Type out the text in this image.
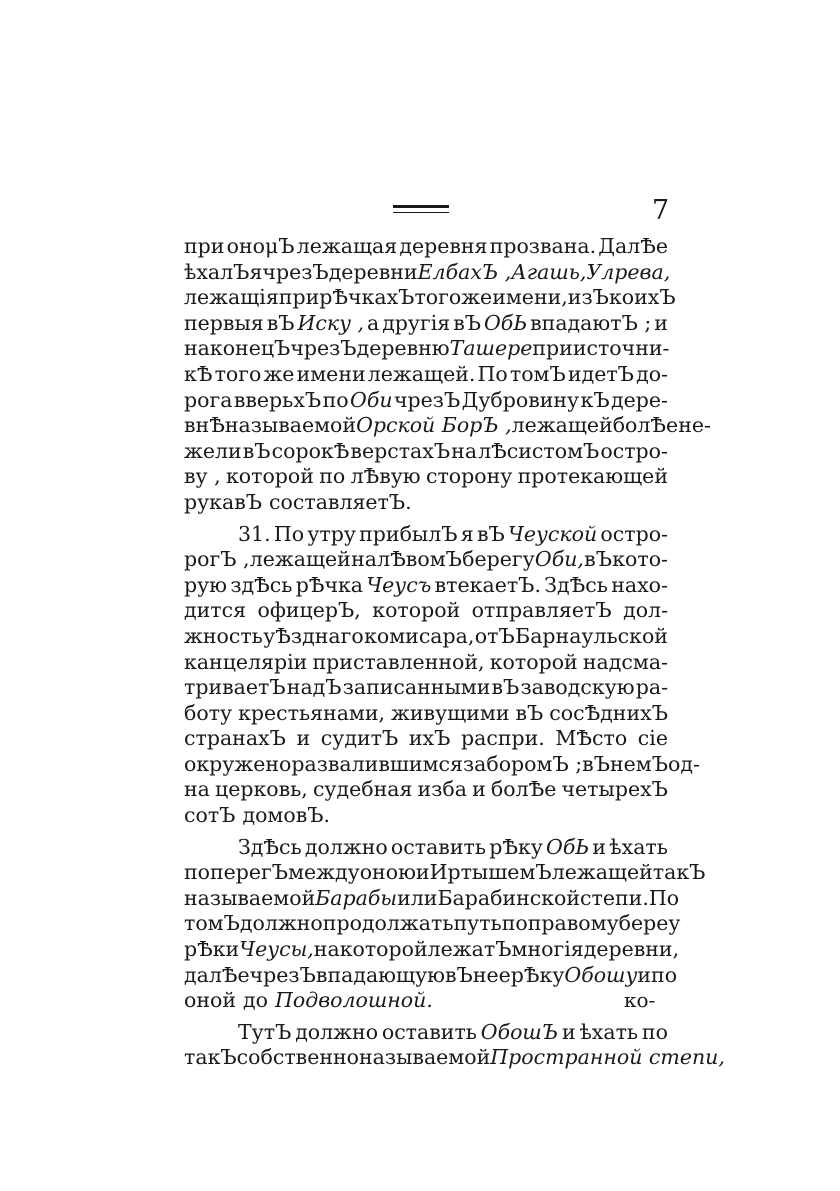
7
при онομЪ лежащая деревня прозвана. ДалѢе
ѣхалЪ я чрезЪ деревни ЕлбахЪ , Агашь, Улрева,
лежащiя при рѢчкахЪ того же имени, изЪ коихЪ
первыя вЪ Иску , а другiя вЪ ОбЬ впадаютЪ ; и
на конецЪ чрезЪ деревню Ташере при источни-
кѢ того же имени лежащей. По томЪ идетЪ до-
рога вверьхЪ по Оби чрезЪ Дубровину кЪ дере-
внѢ называемой Орской БорЪ , лежащей болѢе не-
жели вЪ сорокѢ верстахЪ на лѢсистомЪ остро-
ву , которой по лѢвую сторону протекающей
рукавЪ составляетЪ.
31. По утру прибылЪ я вЪ Чеуской острο-
рогЪ , лежащей на лѢвомЪ берегу Оби, вЪ кото-
рую здѢсь рѢчка Чеусъ втекаетЪ. ЗдѢсь нахо-
дится офицерЪ, которой отправляетЪ дол-
жность уѢзднаго комисара, отЪ Барнаульской
канцелярiи приставленной, которой надсма-
триваетЪ надЪ записанными вЪ заводскую ра-
боту крестьянами, живущими вЪ сосѢднихЪ
странахЪ и судитЪ ихЪ распри. МѢсто сiе
окружено развалившимся заборомЪ ; вЪ немЪ од-
на церковь, судебная изба и болѢе четырехЪ
сотЪ домовЪ.
ЗдѢсь должно оставить рѢку ОбЬ и ѣхать
поперегЪ между оною и ИртышемЪ лежащей такЪ
называемой Барабы или Барабинской степи. По
томЪ должно продолжать путь по правому бере у
рѢки Чеусы, на которой лежатЪ многiя деревни,
далѢе чрезЪ впадающую вЪ нее рѢку Обошу и по
оной до Подволошной.
ТутЪ должно оставить ОбошЪ и ѣхать по
такЪ собственно называемой Пространной степи,
ко-
